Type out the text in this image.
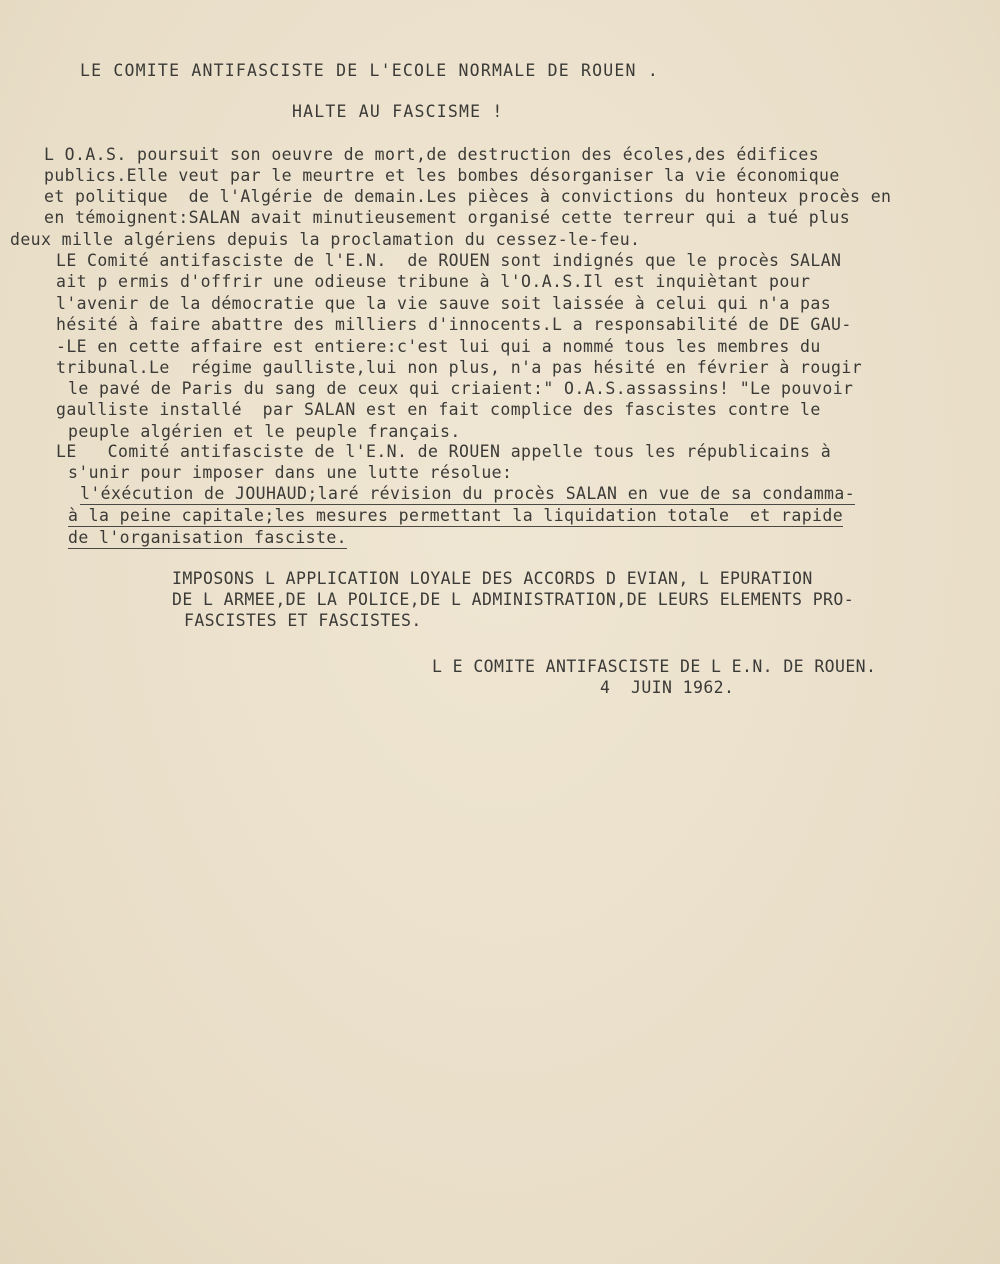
LE COMITE ANTIFASCISTE DE L'ECOLE NORMALE DE ROUEN .
HALTE AU FASCISME !
L O.A.S. poursuit son oeuvre de mort,de destruction des écoles,des édifices
publics.Elle veut par le meurtre et les bombes désorganiser la vie économique
et politique  de l'Algérie de demain.Les pièces à convictions du honteux procès en
en témoignent:SALAN avait minutieusement organisé cette terreur qui a tué plus
deux mille algériens depuis la proclamation du cessez-le-feu.
LE Comité antifasciste de l'E.N.  de ROUEN sont indignés que le procès SALAN
ait p ermis d'offrir une odieuse tribune à l'O.A.S.Il est inquiètant pour
l'avenir de la démocratie que la vie sauve soit laissée à celui qui n'a pas
hésité à faire abattre des milliers d'innocents.L a responsabilité de DE GAU-
-LE en cette affaire est entiere:c'est lui qui a nommé tous les membres du
tribunal.Le  régime gaulliste,lui non plus, n'a pas hésité en février à rougir
le pavé de Paris du sang de ceux qui criaient:" O.A.S.assassins! "Le pouvoir
gaulliste installé  par SALAN est en fait complice des fascistes contre le
peuple algérien et le peuple français.
LE   Comité antifasciste de l'E.N. de ROUEN appelle tous les républicains à
s'unir pour imposer dans une lutte résolue:
l'éxécution de JOUHAUD;laré révision du procès SALAN en vue de sa condamma-
à la peine capitale;les mesures permettant la liquidation totale  et rapide
de l'organisation fasciste.
IMPOSONS L APPLICATION LOYALE DES ACCORDS D EVIAN, L EPURATION
DE L ARMEE,DE LA POLICE,DE L ADMINISTRATION,DE LEURS ELEMENTS PRO-
FASCISTES ET FASCISTES.
L E COMITE ANTIFASCISTE DE L E.N. DE ROUEN.
4  JUIN 1962.
